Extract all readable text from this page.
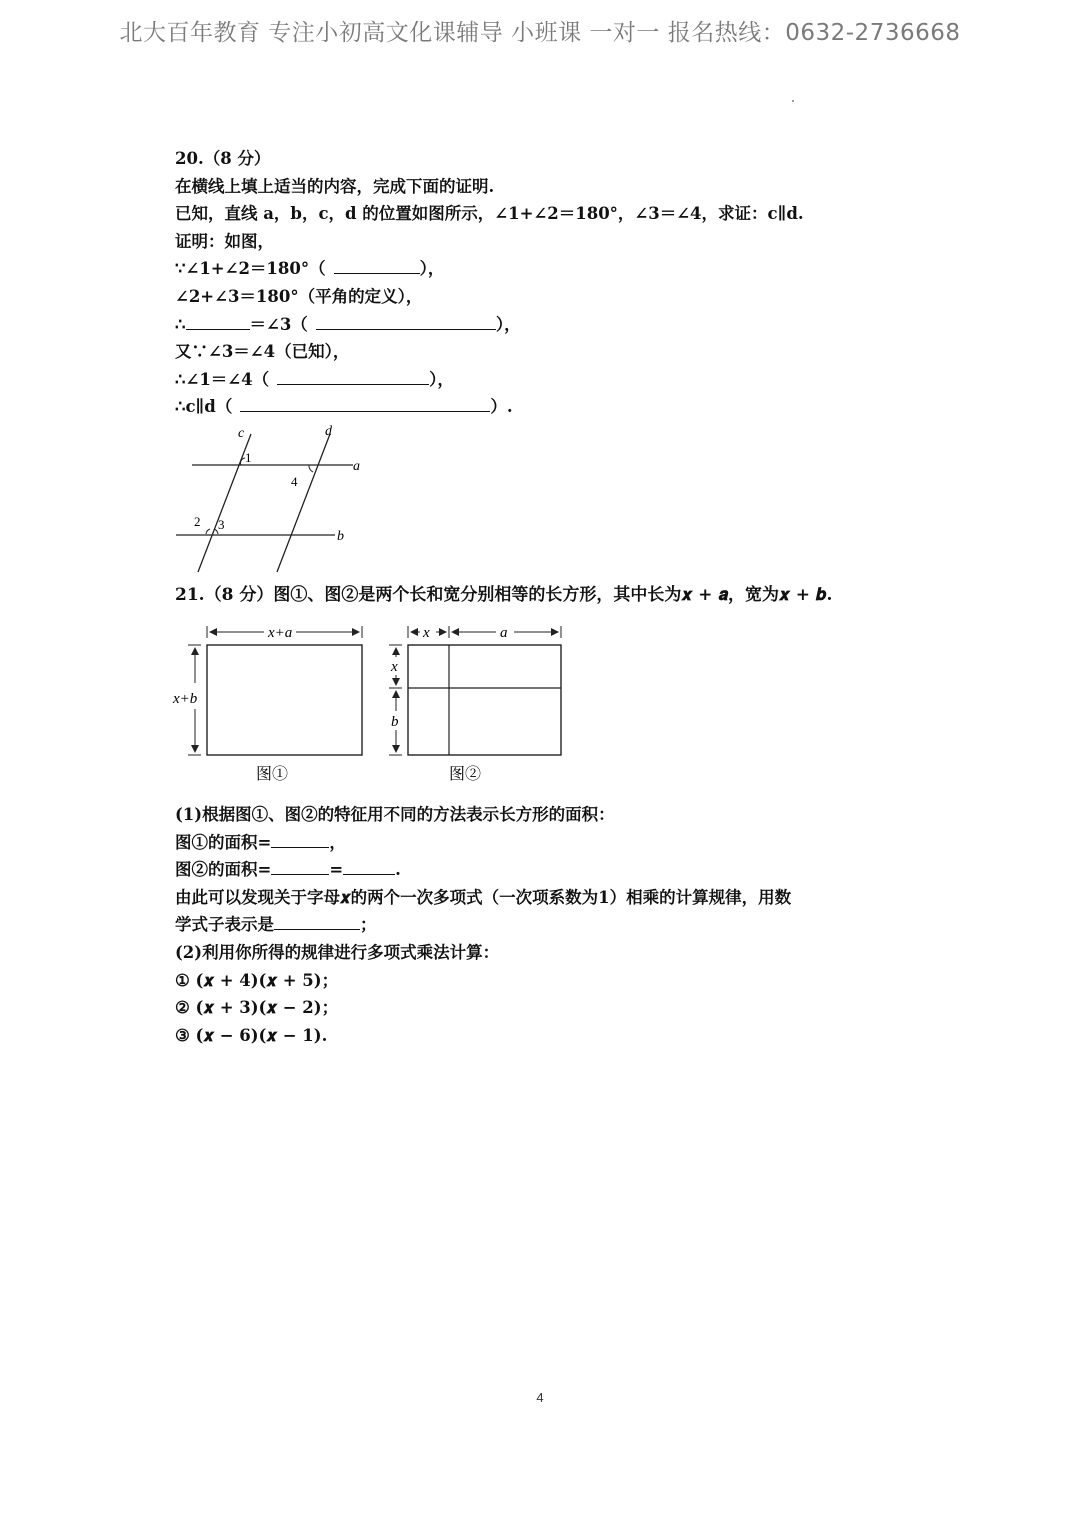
北大百年教育 专注小初高文化课辅导 小班课 一对一 报名热线：0632-2736668
20.（8 分）
在横线上填上适当的内容，完成下面的证明.
已知，直线 a，b，c，d 的位置如图所示，∠1+∠2＝180°，∠3＝∠4，求证：c∥d.
证明：如图，
∵∠1+∠2＝180°（	），
∠2+∠3＝180°（平角的定义），
∴	＝∠3（	），
又∵∠3＝∠4（已知），
∴∠1＝∠4（	），
∴c∥d（	）.
c	d
a
b
1
4
2 3
21.（8 分）图①、图②是两个长和宽分别相等的长方形，其中长为𝒙 + 𝒂，宽为𝒙 + 𝒃.
x+a
x+b
图①
x	a
x
b
图②
(1)根据图①、图②的特征用不同的方法表示长方形的面积：
图①的面积=	，
图②的面积=	=	.
由此可以发现关于字母𝒙的两个一次多项式（一次项系数为1）相乘的计算规律，用数
学式子表示是	；
(2)利用你所得的规律进行多项式乘法计算：
① (𝒙 + 𝟒)(𝒙 + 𝟓)；
② (𝒙 + 𝟑)(𝒙 − 𝟐)；
③ (𝒙 − 𝟔)(𝒙 − 𝟏).
4
